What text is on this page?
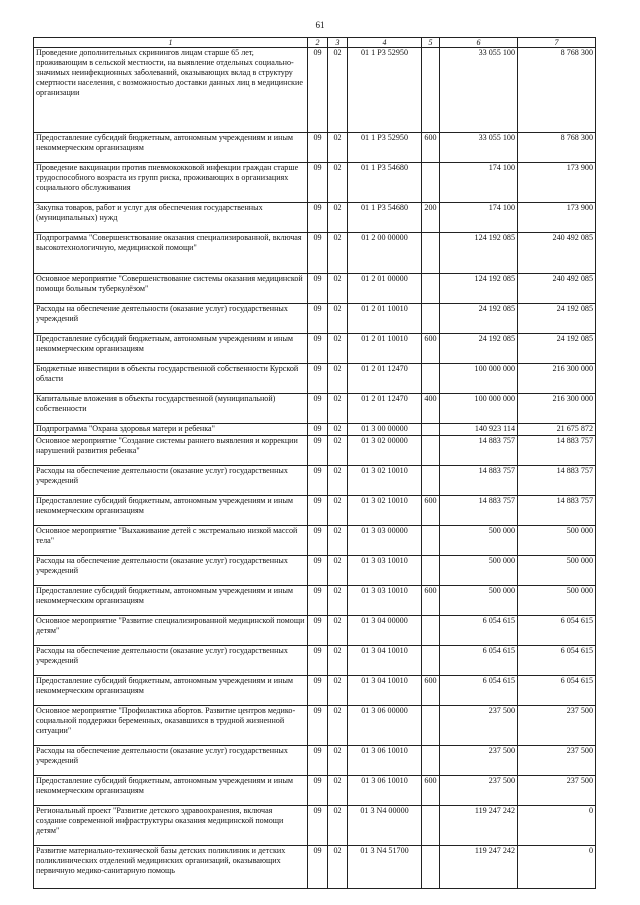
61
1	2	3	4	5	6	7
Проведение дополнительных скринингов лицам старше 65 лет, проживающим в сельской местности, на выявление отдельных социально-значимых неинфекционных заболеваний, оказывающих вклад в структуру смертности населения, с возможностью доставки данных лиц в медицинские организации	09	02	01 1 Р3 52950		33 055 100	8 768 300
Предоставление субсидий бюджетным, автономным учреждениям и иным некоммерческим организациям	09	02	01 1 Р3 52950	600	33 055 100	8 768 300
Проведение вакцинации против пневмококковой инфекции граждан старше трудоспособного возраста из групп риска, проживающих в организациях социального обслуживания	09	02	01 1 Р3 54680		174 100	173 900
Закупка товаров, работ и услуг для обеспечения государственных (муниципальных) нужд	09	02	01 1 Р3 54680	200	174 100	173 900
Подпрограмма "Совершенствование оказания специализированной, включая высокотехнологичную, медицинской помощи"	09	02	01 2 00 00000		124 192 085	240 492 085
Основное мероприятие "Совершенствование системы оказания медицинской помощи больным туберкулёзом"	09	02	01 2 01 00000		124 192 085	240 492 085
Расходы на обеспечение деятельности (оказание услуг) государственных учреждений	09	02	01 2 01 10010		24 192 085	24 192 085
Предоставление субсидий бюджетным, автономным учреждениям и иным некоммерческим организациям	09	02	01 2 01 10010	600	24 192 085	24 192 085
Бюджетные инвестиции в объекты государственной собственности Курской области	09	02	01 2 01 12470		100 000 000	216 300 000
Капитальные вложения в объекты государственной (муниципальной) собственности	09	02	01 2 01 12470	400	100 000 000	216 300 000
Подпрограмма "Охрана здоровья матери и ребенка"	09	02	01 3 00 00000		140 923 114	21 675 872
Основное мероприятие "Создание системы раннего выявления и коррекции нарушений развития ребенка"	09	02	01 3 02 00000		14 883 757	14 883 757
Расходы на обеспечение деятельности (оказание услуг) государственных учреждений	09	02	01 3 02 10010		14 883 757	14 883 757
Предоставление субсидий бюджетным, автономным учреждениям и иным некоммерческим организациям	09	02	01 3 02 10010	600	14 883 757	14 883 757
Основное мероприятие "Выхаживание детей с экстремально низкой массой тела"	09	02	01 3 03 00000		500 000	500 000
Расходы на обеспечение деятельности (оказание услуг) государственных учреждений	09	02	01 3 03 10010		500 000	500 000
Предоставление субсидий бюджетным, автономным учреждениям и иным некоммерческим организациям	09	02	01 3 03 10010	600	500 000	500 000
Основное мероприятие "Развитие специализированной медицинской помощи детям"	09	02	01 3 04 00000		6 054 615	6 054 615
Расходы на обеспечение деятельности (оказание услуг) государственных учреждений	09	02	01 3 04 10010		6 054 615	6 054 615
Предоставление субсидий бюджетным, автономным учреждениям и иным некоммерческим организациям	09	02	01 3 04 10010	600	6 054 615	6 054 615
Основное мероприятие "Профилактика абортов. Развитие центров медико-социальной поддержки беременных, оказавшихся в трудной жизненной ситуации"	09	02	01 3 06 00000		237 500	237 500
Расходы на обеспечение деятельности (оказание услуг) государственных учреждений	09	02	01 3 06 10010		237 500	237 500
Предоставление субсидий бюджетным, автономным учреждениям и иным некоммерческим организациям	09	02	01 3 06 10010	600	237 500	237 500
Региональный проект "Развитие детского здравоохранения, включая создание современной инфраструктуры оказания медицинской помощи детям"	09	02	01 3 N4 00000		119 247 242	0
Развитие материально-технической базы детских поликлиник и детских поликлинических отделений медицинских организаций, оказывающих первичную медико-санитарную помощь	09	02	01 3 N4 51700		119 247 242	0
